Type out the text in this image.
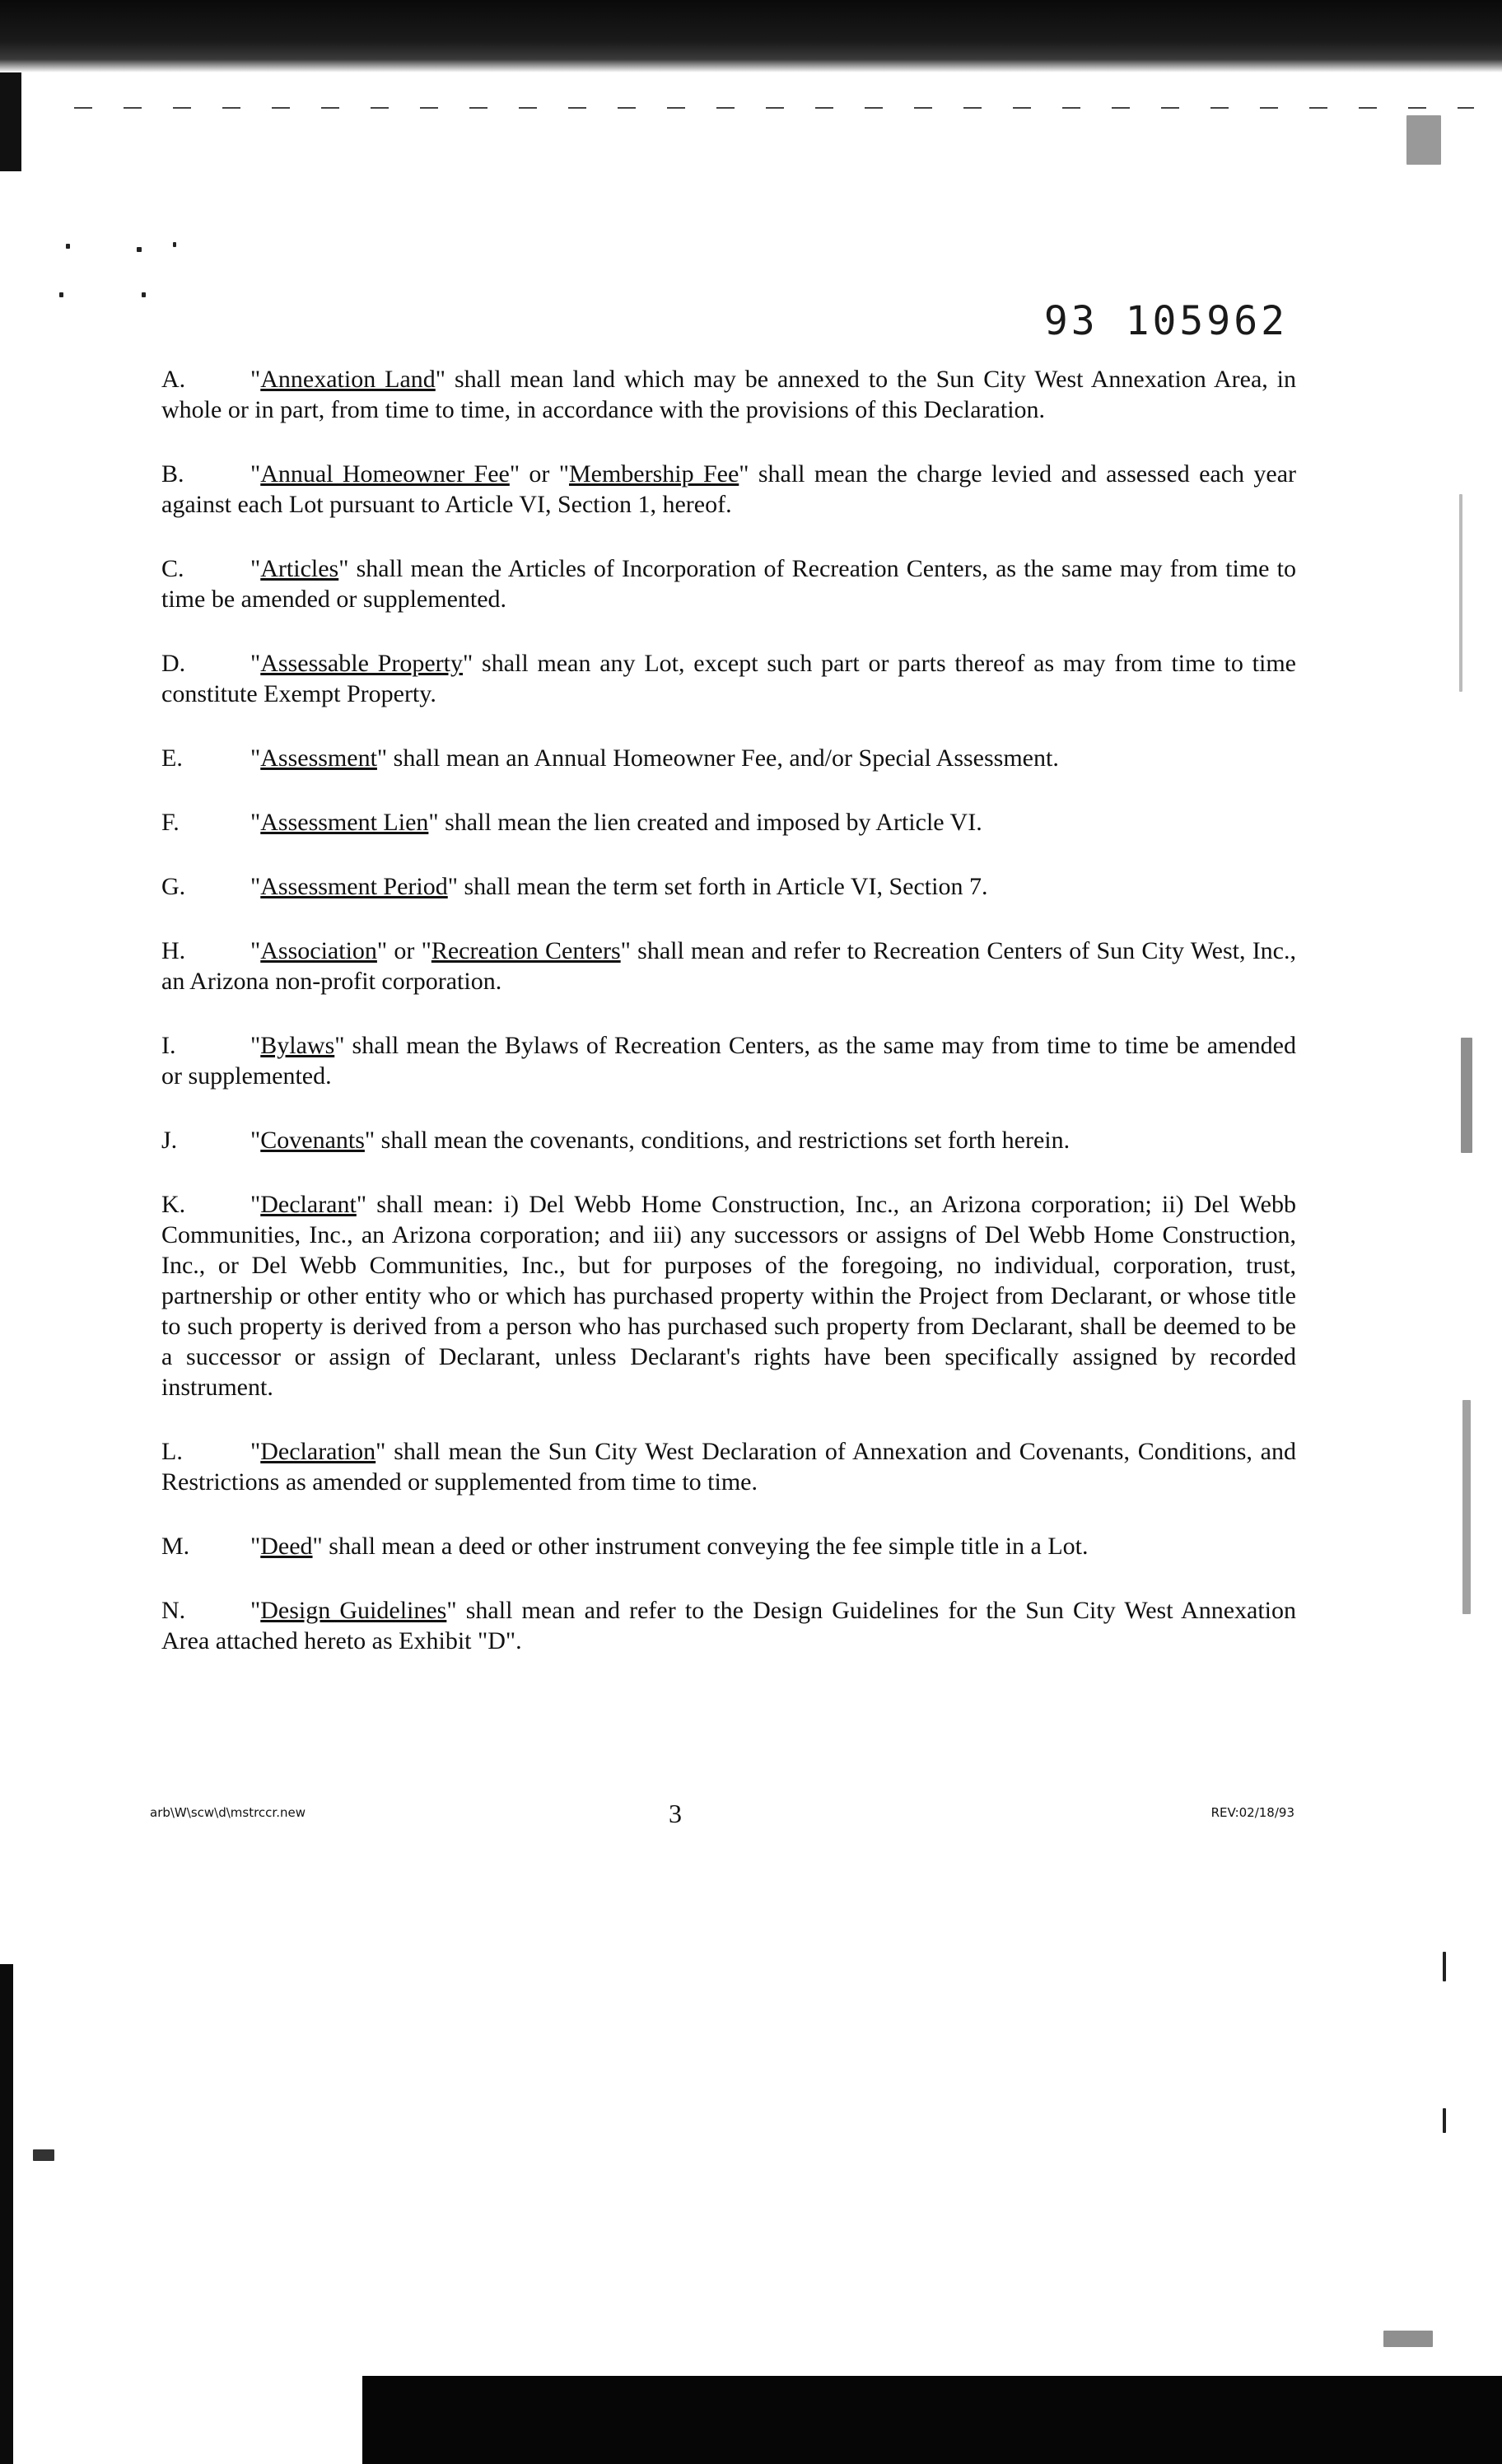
93 105962

A.	"Annexation Land" shall mean land which may be annexed to the Sun City West Annexation Area, in whole or in part, from time to time, in accordance with the provisions of this Declaration.

B.	"Annual Homeowner Fee" or "Membership Fee" shall mean the charge levied and assessed each year against each Lot pursuant to Article VI, Section 1, hereof.

C.	"Articles" shall mean the Articles of Incorporation of Recreation Centers, as the same may from time to time be amended or supplemented.

D.	"Assessable Property" shall mean any Lot, except such part or parts thereof as may from time to time constitute Exempt Property.

E.	"Assessment" shall mean an Annual Homeowner Fee, and/or Special Assessment.

F.	"Assessment Lien" shall mean the lien created and imposed by Article VI.

G.	"Assessment Period" shall mean the term set forth in Article VI, Section 7.

H.	"Association" or "Recreation Centers" shall mean and refer to Recreation Centers of Sun City West, Inc., an Arizona non-profit corporation.

I.	"Bylaws" shall mean the Bylaws of Recreation Centers, as the same may from time to time be amended or supplemented.

J.	"Covenants" shall mean the covenants, conditions, and restrictions set forth herein.

K.	"Declarant" shall mean: i) Del Webb Home Construction, Inc., an Arizona corporation; ii) Del Webb Communities, Inc., an Arizona corporation; and iii) any successors or assigns of Del Webb Home Construction, Inc., or Del Webb Communities, Inc., but for purposes of the foregoing, no individual, corporation, trust, partnership or other entity who or which has purchased property within the Project from Declarant, or whose title to such property is derived from a person who has purchased such property from Declarant, shall be deemed to be a successor or assign of Declarant, unless Declarant's rights have been specifically assigned by recorded instrument.

L.	"Declaration" shall mean the Sun City West Declaration of Annexation and Covenants, Conditions, and Restrictions as amended or supplemented from time to time.

M. "Deed" shall mean a deed or other instrument conveying the fee simple title in a Lot.

N.	"Design Guidelines" shall mean and refer to the Design Guidelines for the Sun City West Annexation Area attached hereto as Exhibit "D".

arb\W\scw\d\mstrccr.new	3	REV:02/18/93
